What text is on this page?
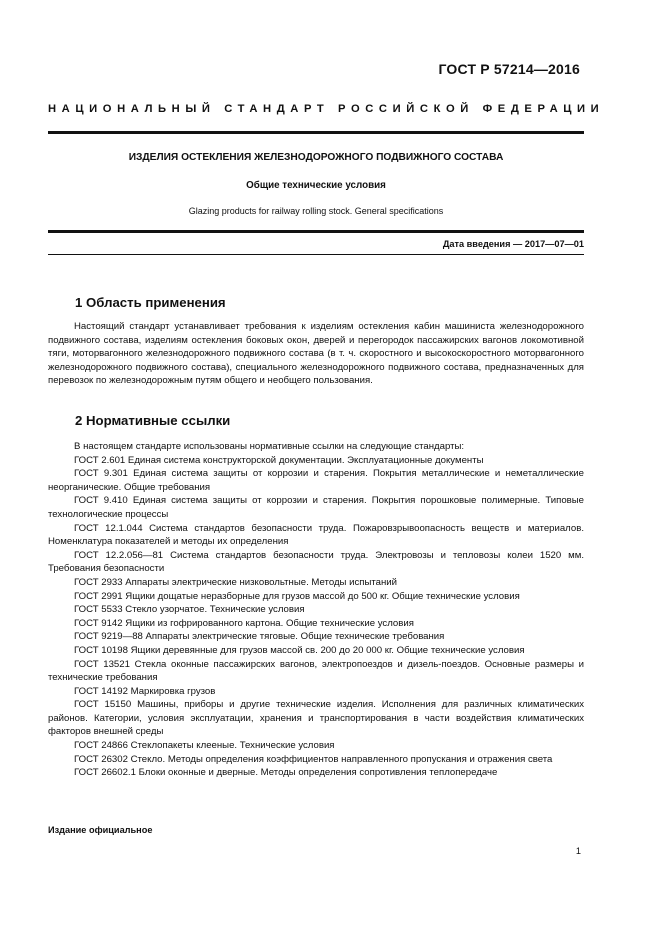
ГОСТ Р 57214—2016
НАЦИОНАЛЬНЫЙ СТАНДАРТ РОССИЙСКОЙ ФЕДЕРАЦИИ
ИЗДЕЛИЯ ОСТЕКЛЕНИЯ ЖЕЛЕЗНОДОРОЖНОГО ПОДВИЖНОГО СОСТАВА
Общие технические условия
Glazing products for railway rolling stock. General specifications
Дата введения — 2017—07—01
1 Область применения
Настоящий стандарт устанавливает требования к изделиям остекления кабин машиниста железнодорожного подвижного состава, изделиям остекления боковых окон, дверей и перегородок пассажирских вагонов локомотивной тяги, моторвагонного железнодорожного подвижного состава (в т. ч. скоростного и высокоскоростного моторвагонного железнодорожного подвижного состава), специального железнодорожного подвижного состава, предназначенных для перевозок по железнодорожным путям общего и необщего пользования.
2 Нормативные ссылки

В настоящем стандарте использованы нормативные ссылки на следующие стандарты:

ГОСТ 2.601 Единая система конструкторской документации. Эксплуатационные документы

ГОСТ 9.301 Единая система защиты от коррозии и старения. Покрытия металлические и неметаллические неорганические. Общие требования

ГОСТ 9.410 Единая система защиты от коррозии и старения. Покрытия порошковые полимерные. Типовые технологические процессы

ГОСТ 12.1.044 Система стандартов безопасности труда. Пожаровзрывоопасность веществ и материалов. Номенклатура показателей и методы их определения

ГОСТ 12.2.056—81 Система стандартов безопасности труда. Электровозы и тепловозы колеи 1520 мм. Требования безопасности

ГОСТ 2933 Аппараты электрические низковольтные. Методы испытаний

ГОСТ 2991 Ящики дощатые неразборные для грузов массой до 500 кг. Общие технические условия

ГОСТ 5533 Стекло узорчатое. Технические условия

ГОСТ 9142 Ящики из гофрированного картона. Общие технические условия

ГОСТ 9219—88 Аппараты электрические тяговые. Общие технические требования

ГОСТ 10198 Ящики деревянные для грузов массой св. 200 до 20 000 кг. Общие технические условия

ГОСТ 13521 Стекла оконные пассажирских вагонов, электропоездов и дизель-поездов. Основные размеры и технические требования

ГОСТ 14192 Маркировка грузов

ГОСТ 15150 Машины, приборы и другие технические изделия. Исполнения для различных климатических районов. Категории, условия эксплуатации, хранения и транспортирования в части воздействия климатических факторов внешней среды

ГОСТ 24866 Стеклопакеты клееные. Технические условия

ГОСТ 26302 Стекло. Методы определения коэффициентов направленного пропускания и отражения света

ГОСТ 26602.1 Блоки оконные и дверные. Методы определения сопротивления теплопередаче

Издание официальное
1
